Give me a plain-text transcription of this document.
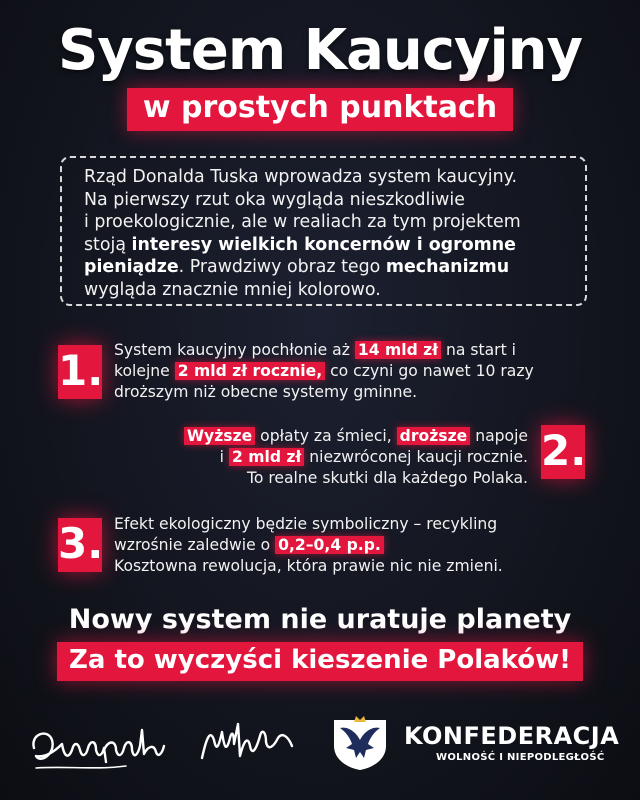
System Kaucyjny
w prostych punktach
Rząd Donalda Tuska wprowadza system kaucyjny.
Na pierwszy rzut oka wygląda nieszkodliwie
i proekologicznie, ale w realiach za tym projektem
stoją interesy wielkich koncernów i ogromne
pieniądze. Prawdziwy obraz tego mechanizmu
wygląda znacznie mniej kolorowo.
1. System kaucyjny pochłonie aż 14 mld zł na start i
kolejne 2 mld zł rocznie, co czyni go nawet 10 razy
droższym niż obecne systemy gminne.
Wyższe opłaty za śmieci, droższe napoje
i 2 mld zł niezwróconej kaucji rocznie.
To realne skutki dla każdego Polaka.
2.
3. Efekt ekologiczny będzie symboliczny – recykling
wzrośnie zaledwie o 0,2–0,4 p.p.
Kosztowna rewolucja, która prawie nic nie zmieni.
Nowy system nie uratuje planety
Za to wyczyści kieszenie Polaków!
KONFEDERACJA
WOLNOŚĆ I NIEPODLEGŁOŚĆ
